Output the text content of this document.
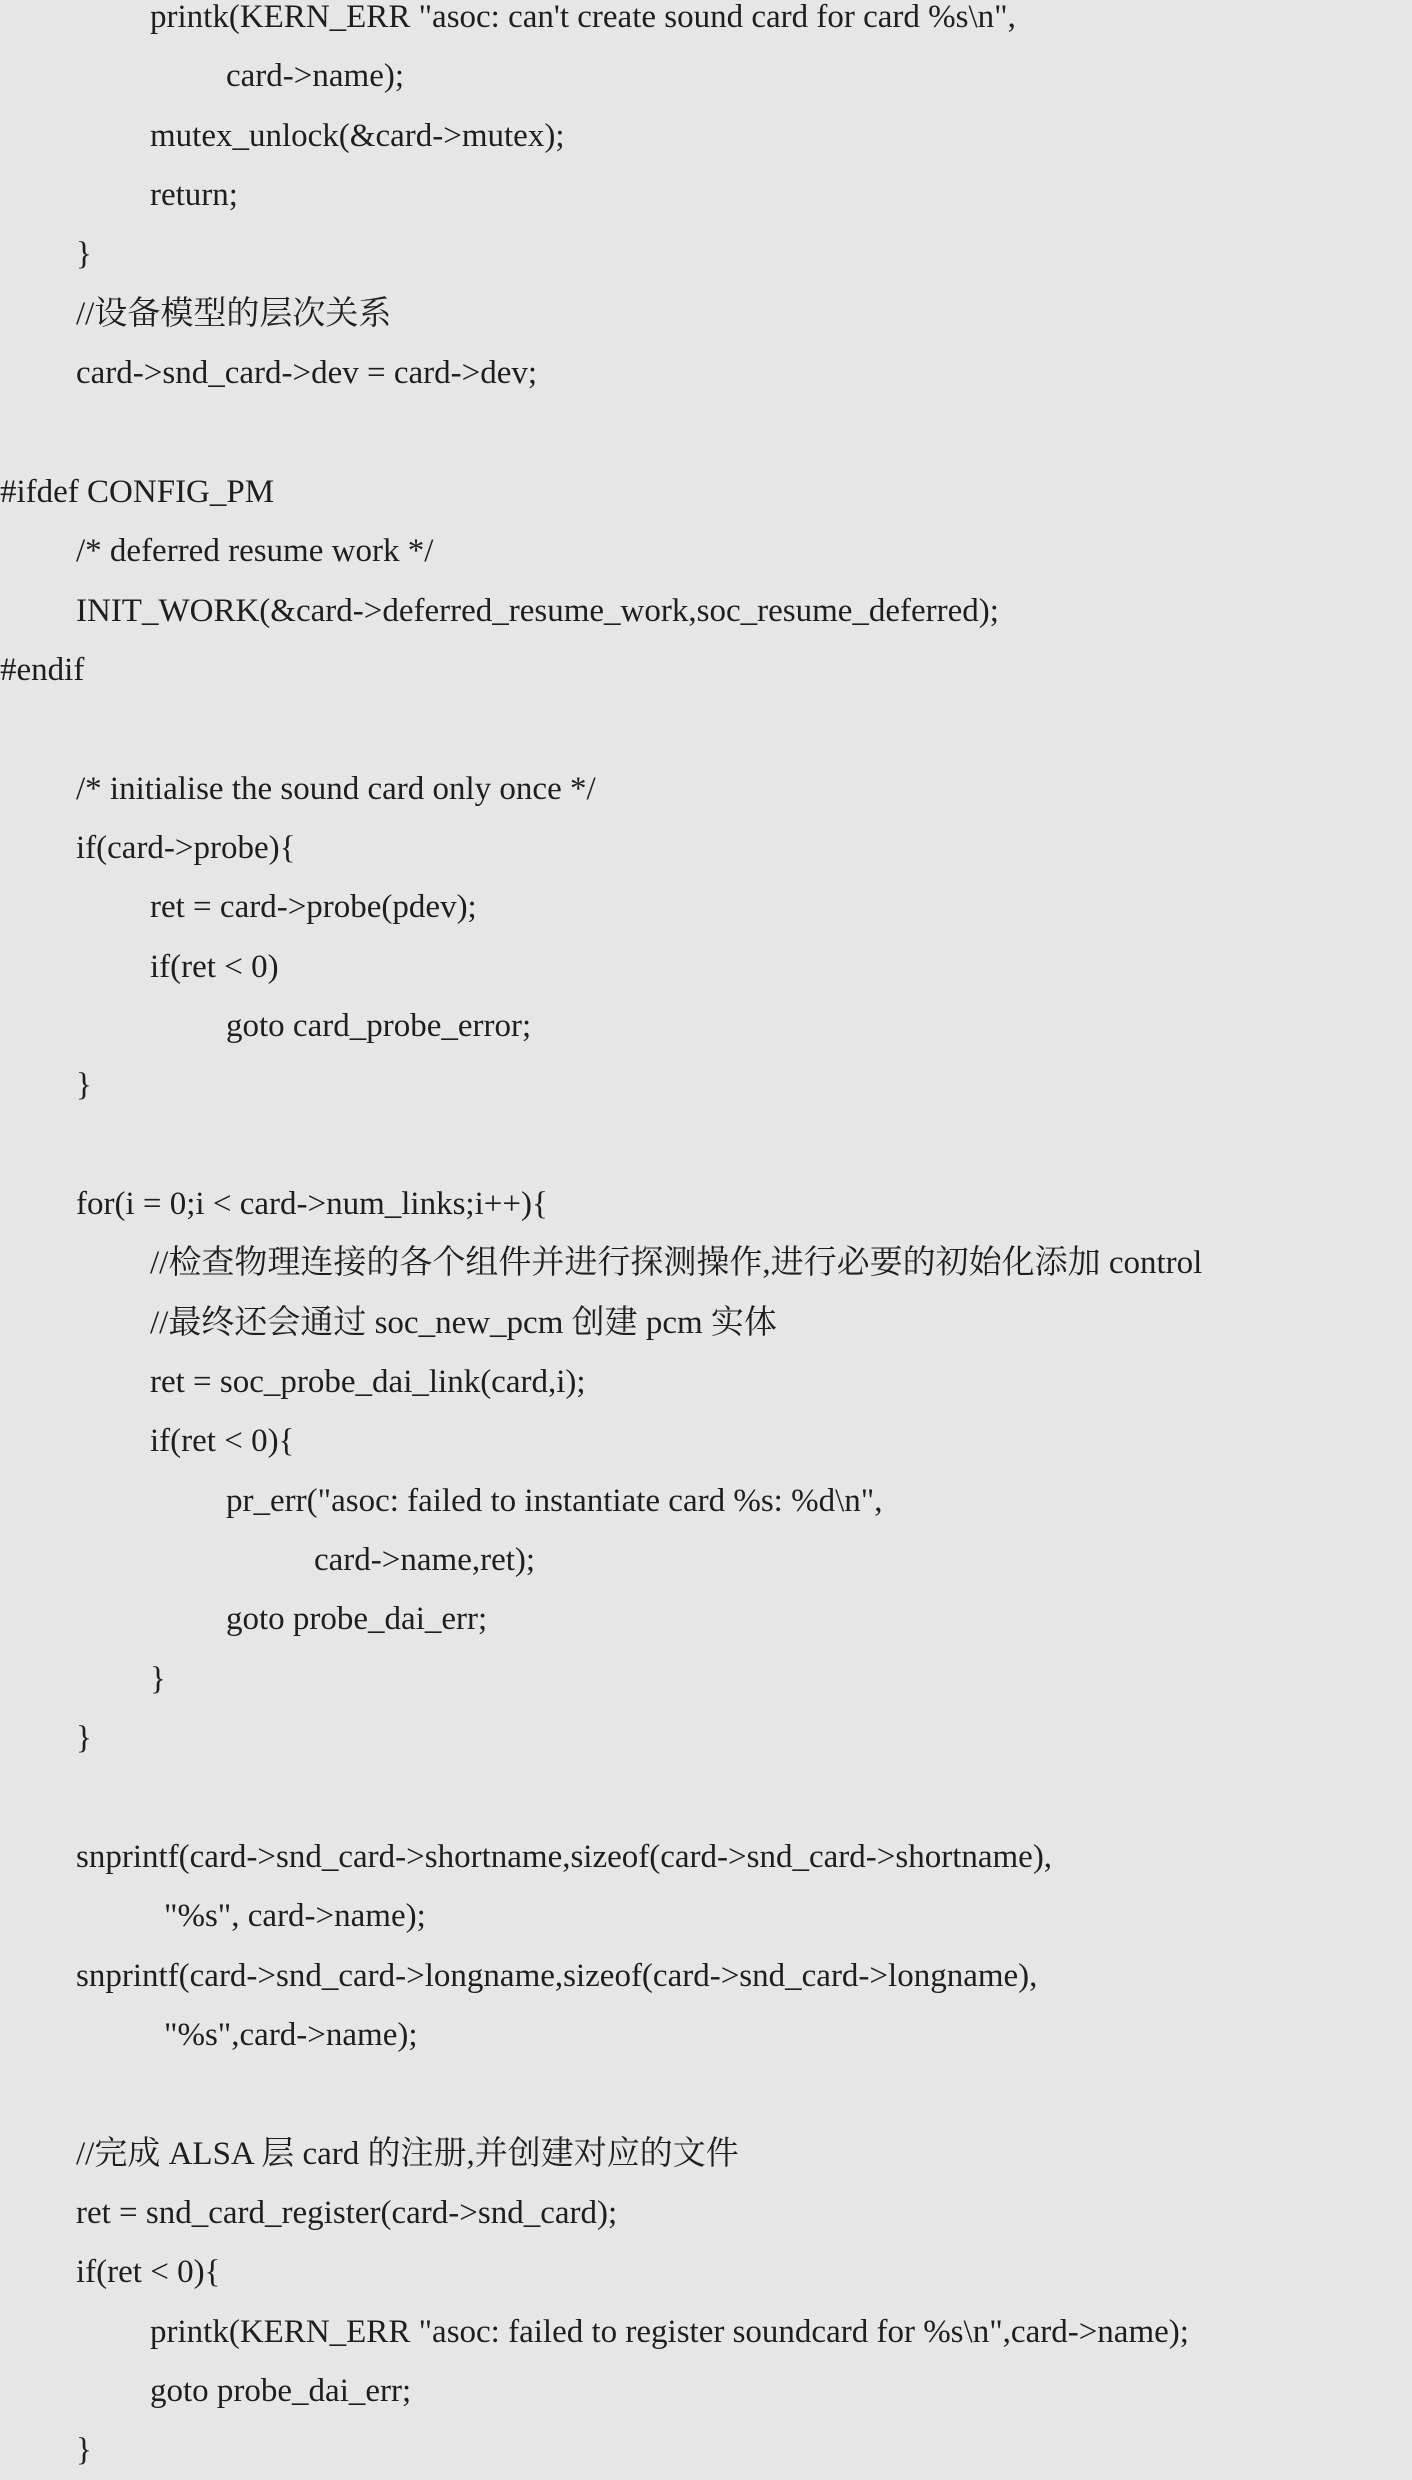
printk(KERN_ERR "asoc: can't create sound card for card %s\n",
card->name);
mutex_unlock(&card->mutex);
return;
}
//设备模型的层次关系
card->snd_card->dev = card->dev;
#ifdef CONFIG_PM
/* deferred resume work */
INIT_WORK(&card->deferred_resume_work,soc_resume_deferred);
#endif
/* initialise the sound card only once */
if(card->probe){
ret = card->probe(pdev);
if(ret < 0)
goto card_probe_error;
}
for(i = 0;i < card->num_links;i++){
//检查物理连接的各个组件并进行探测操作,进行必要的初始化添加 control
//最终还会通过 soc_new_pcm 创建 pcm 实体
ret = soc_probe_dai_link(card,i);
if(ret < 0){
pr_err("asoc: failed to instantiate card %s: %d\n",
card->name,ret);
goto probe_dai_err;
}
}
snprintf(card->snd_card->shortname,sizeof(card->snd_card->shortname),
"%s", card->name);
snprintf(card->snd_card->longname,sizeof(card->snd_card->longname),
"%s",card->name);
//完成 ALSA 层 card 的注册,并创建对应的文件
ret = snd_card_register(card->snd_card);
if(ret < 0){
printk(KERN_ERR "asoc: failed to register soundcard for %s\n",card->name);
goto probe_dai_err;
}
